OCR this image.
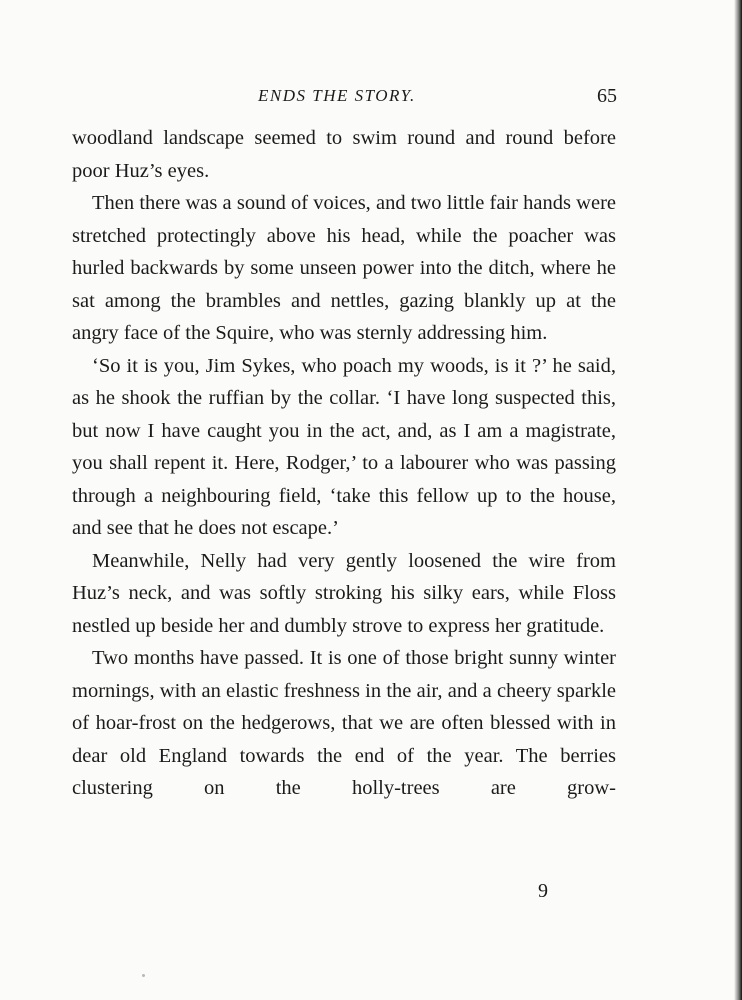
ENDS THE STORY.	65

woodland landscape seemed to swim round and round before poor Huz’s eyes.

Then there was a sound of voices, and two little fair hands were stretched protectingly above his head, while the poacher was hurled backwards by some unseen power into the ditch, where he sat among the brambles and nettles, gazing blankly up at the angry face of the Squire, who was sternly addressing him.

‘So it is you, Jim Sykes, who poach my woods, is it ?’ he said, as he shook the ruffian by the collar. ‘I have long suspected this, but now I have caught you in the act, and, as I am a magistrate, you shall repent it. Here, Rodger,’ to a labourer who was passing through a neighbouring field, ‘take this fellow up to the house, and see that he does not escape.’

Meanwhile, Nelly had very gently loosened the wire from Huz’s neck, and was softly stroking his silky ears, while Floss nestled up beside her and dumbly strove to express her gratitude.

Two months have passed. It is one of those bright sunny winter mornings, with an elastic freshness in the air, and a cheery sparkle of hoar-frost on the hedgerows, that we are often blessed with in dear old England towards the end of the year. The berries clustering on the holly-trees are grow-

9
